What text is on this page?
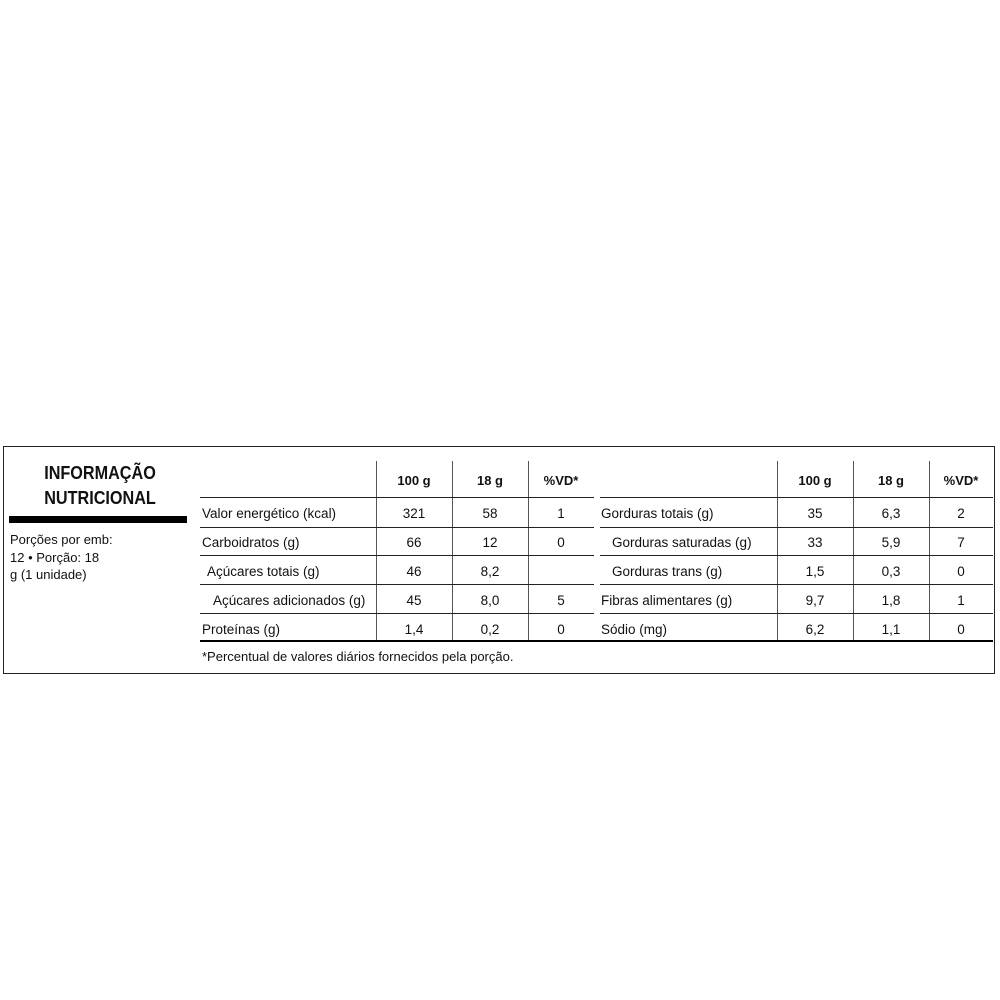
INFORMAÇÃO
NUTRICIONAL
Porções por emb:
12 • Porção: 18
g (1 unidade)
100 g	18 g	%VD*
Valor energético (kcal)	321	58	1
Carboidratos (g)	66	12	0
Açúcares totais (g)	46	8,2
Açúcares adicionados (g)	45	8,0	5
Proteínas (g)	1,4	0,2	0
100 g	18 g	%VD*
Gorduras totais (g)	35	6,3	2
Gorduras saturadas (g)	33	5,9	7
Gorduras trans (g)	1,5	0,3	0
Fibras alimentares (g)	9,7	1,8	1
Sódio (mg)	6,2	1,1	0
*Percentual de valores diários fornecidos pela porção.
